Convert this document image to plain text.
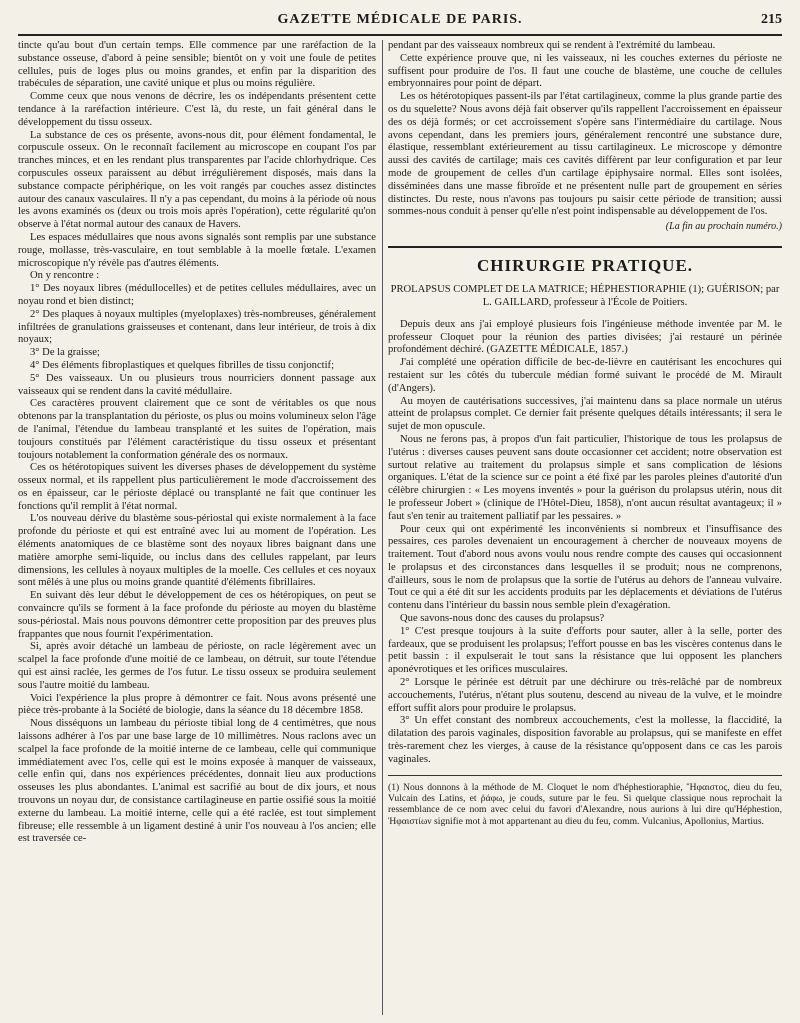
GAZETTE MÉDICALE DE PARIS.	215

tincte qu'au bout d'un certain temps. Elle commence par une raréfaction de la substance osseuse, d'abord à peine sensible; bientôt on y voit une foule de petites cellules, puis de loges plus ou moins grandes, et enfin par la disparition des trabécules de séparation, une cavité unique et plus ou moins régulière.

Comme ceux que nous venons de décrire, les os indépendants présentent cette tendance à la raréfaction intérieure. C'est là, du reste, un fait général dans le développement du tissu osseux.

La substance de ces os présente, avons-nous dit, pour élément fondamental, le corpuscule osseux. On le reconnaît facilement au microscope en coupant l'os par tranches minces, et en les rendant plus transparentes par l'acide chlorhydrique. Ces corpuscules osseux paraissent au début irrégulièrement disposés, mais dans la substance compacte périphérique, on les voit rangés par couches assez distinctes autour des canaux vasculaires. Il n'y a pas cependant, du moins à la période où nous les avons examinés os (deux ou trois mois après l'opération), cette régularité qu'on observe à l'état normal autour des canaux de Havers.

Les espaces médullaires que nous avons signalés sont remplis par une substance rouge, mollasse, très-vasculaire, en tout semblable à la moelle fœtale. L'examen microscopique n'y révèle pas d'autres éléments.

On y rencontre :

1° Des noyaux libres (médullocelles) et de petites cellules médullaires, avec un noyau rond et bien distinct;

2° Des plaques à noyaux multiples (myeloplaxes) très-nombreuses, généralement infiltrées de granulations graisseuses et contenant, dans leur intérieur, de trois à dix noyaux;

3° De la graisse;

4° Des éléments fibroplastiques et quelques fibrilles de tissu conjonctif;

5° Des vaisseaux. Un ou plusieurs trous nourriciers donnent passage aux vaisseaux qui se rendent dans la cavité médullaire.

Ces caractères prouvent clairement que ce sont de véritables os que nous obtenons par la transplantation du périoste, os plus ou moins volumineux selon l'âge de l'animal, l'étendue du lambeau transplanté et les suites de l'opération, mais toujours constitués par l'élément caractéristique du tissu osseux et présentant toujours notablement la conformation générale des os normaux.

Ces os hétérotopiques suivent les diverses phases de développement du système osseux normal, et ils rappellent plus particulièrement le mode d'accroissement des os en épaisseur, car le périoste déplacé ou transplanté ne fait que continuer les fonctions qu'il remplit à l'état normal.

L'os nouveau dérive du blastème sous-périostal qui existe normalement à la face profonde du périoste et qui est entraîné avec lui au moment de l'opération. Les éléments anatomiques de ce blastème sont des noyaux libres baignant dans une matière amorphe semi-liquide, ou inclus dans des cellules rappelant, par leurs dimensions, les cellules à noyaux multiples de la moelle. Ces cellules et ces noyaux sont mêlés à une plus ou moins grande quantité d'éléments fibrillaires.

En suivant dès leur début le développement de ces os hétéropiques, on peut se convaincre qu'ils se forment à la face profonde du périoste au moyen du blastème sous-périostal. Mais nous pouvons démontrer cette proposition par des preuves plus frappantes que nous fournit l'expérimentation.

Si, après avoir détaché un lambeau de périoste, on racle légèrement avec un scalpel la face profonde d'une moitié de ce lambeau, on détruit, sur toute l'étendue qui est ainsi raclée, les germes de l'os futur. Le tissu osseux se produira seulement sous l'autre moitié du lambeau.

Voici l'expérience la plus propre à démontrer ce fait. Nous avons présenté une pièce très-probante à la Société de biologie, dans la séance du 18 décembre 1858.

Nous disséquons un lambeau du périoste tibial long de 4 centimètres, que nous laissons adhérer à l'os par une base large de 10 millimètres. Nous raclons avec un scalpel la face profonde de la moitié interne de ce lambeau, celle qui communique immédiatement avec l'os, celle qui est le moins exposée à manquer de vaisseaux, celle enfin qui, dans nos expériences précédentes, donnait lieu aux productions osseuses les plus abondantes. L'animal est sacrifié au bout de dix jours, et nous trouvons un noyau dur, de consistance cartilagineuse en partie ossifié sous la moitié externe du lambeau. La moitié interne, celle qui a été raclée, est tout simplement fibreuse; elle ressemble à un ligament destiné à unir l'os nouveau à l'os ancien; elle est traversée ce-

pendant par des vaisseaux nombreux qui se rendent à l'extrémité du lambeau.

Cette expérience prouve que, ni les vaisseaux, ni les couches externes du périoste ne suffisent pour produire de l'os. Il faut une couche de blastème, une couche de cellules embryonnaires pour point de départ.

Les os hétérotopiques passent-ils par l'état cartilagineux, comme la plus grande partie des os du squelette? Nous avons déjà fait observer qu'ils rappellent l'accroissement en épaisseur des os déjà formés; or cet accroissement s'opère sans l'intermédiaire du cartilage. Nous avons cependant, dans les premiers jours, généralement rencontré une substance dure, élastique, ressemblant extérieurement au tissu cartilagineux. Le microscope y démontre aussi des cavités de cartilage; mais ces cavités diffèrent par leur configuration et par leur mode de groupement de celles d'un cartilage épiphysaire normal. Elles sont isolées, disséminées dans une masse fibroïde et ne présentent nulle part de groupement en séries distinctes. Du reste, nous n'avons pas toujours pu saisir cette période de transition; aussi sommes-nous conduit à penser qu'elle n'est point indispensable au développement de l'os.

(La fin au prochain numéro.)
CHIRURGIE PRATIQUE.
PROLAPSUS COMPLET DE LA MATRICE; HÉPHESTIORAPHIE (1); GUÉRISON; par L. GAILLARD, professeur à l'École de Poitiers.

Depuis deux ans j'ai employé plusieurs fois l'ingénieuse méthode inventée par M. le professeur Cloquet pour la réunion des parties divisées; j'ai restauré un périnée profondément déchiré. (GAZETTE MÉDICALE, 1857.)

J'ai complété une opération difficile de bec-de-lièvre en cautérisant les encochures qui restaient sur les côtés du tubercule médian formé suivant le procédé de M. Mirault (d'Angers).

Au moyen de cautérisations successives, j'ai maintenu dans sa place normale un utérus atteint de prolapsus complet. Ce dernier fait présente quelques détails intéressants; il sera le sujet de mon opuscule.

Nous ne ferons pas, à propos d'un fait particulier, l'historique de tous les prolapsus de l'utérus : diverses causes peuvent sans doute occasionner cet accident; notre observation est surtout relative au traitement du prolapsus simple et sans complication de lésions organiques. L'état de la science sur ce point a été fixé par les paroles pleines d'autorité d'un célèbre chirurgien : « Les moyens inventés » pour la guérison du prolapsus utérin, nous dit le professeur Jobert » (clinique de l'Hôtel-Dieu, 1858), n'ont aucun résultat avantageux; il » faut s'en tenir au traitement palliatif par les pessaires. »

Pour ceux qui ont expérimenté les inconvénients si nombreux et l'insuffisance des pessaires, ces paroles devenaient un encouragement à chercher de nouveaux moyens de traitement. Tout d'abord nous avons voulu nous rendre compte des causes qui occasionnent le prolapsus et des circonstances dans lesquelles il se produit; nous ne comprenons, d'ailleurs, sous le nom de prolapsus que la sortie de l'utérus au dehors de l'anneau vulvaire. Tout ce qui a été dit sur les accidents produits par les déplacements et déviations de l'utérus contenu dans l'intérieur du bassin nous semble plein d'exagération.

Que savons-nous donc des causes du prolapsus?

1° C'est presque toujours à la suite d'efforts pour sauter, aller à la selle, porter des fardeaux, que se produisent les prolapsus; l'effort pousse en bas les viscères contenus dans le petit bassin : il expulserait le tout sans la résistance que lui opposent les planchers aponévrotiques et les orifices musculaires.

2° Lorsque le périnée est détruit par une déchirure ou très-relâché par de nombreux accouchements, l'utérus, n'étant plus soutenu, descend au niveau de la vulve, et le moindre effort suffit alors pour produire le prolapsus.

3° Un effet constant des nombreux accouchements, c'est la mollesse, la flaccidité, la dilatation des parois vaginales, disposition favorable au prolapsus, qui se manifeste en effet très-rarement chez les vierges, à cause de la résistance qu'opposent dans ce cas les parois vaginales.

(1) Nous donnons à la méthode de M. Cloquet le nom d'héphestioraphie, Ἥφαιστος, dieu du feu, Vulcain des Latins, et ῥάφω, je couds, suture par le feu. Si quelque classique nous reprochait la ressemblance de ce nom avec celui du favori d'Alexandre, nous aurions à lui dire qu'Héphestion, Ἡφαιστίων signifie mot à mot appartenant au dieu du feu, comm. Vulcanius, Apollonius, Martius.
